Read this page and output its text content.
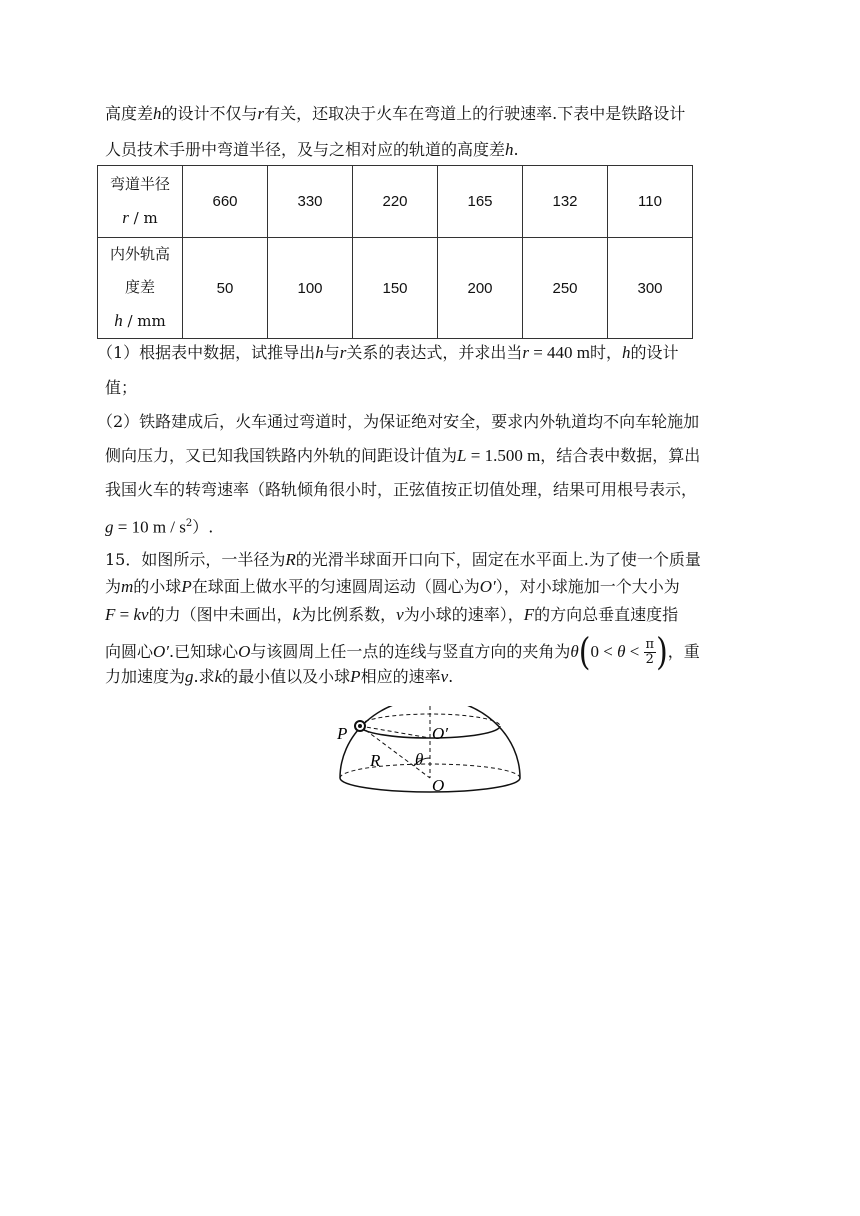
高度差h的设计不仅与r有关，还取决于火车在弯道上的行驶速率.下表中是铁路设计
人员技术手册中弯道半径，及与之相对应的轨道的高度差h.
弯道半径
r / m	660	330	220	165	132	110

内外轨高
度差
h / mm	50	100	150	200	250	300
（1）根据表中数据，试推导出h与r关系的表达式，并求出当r = 440 m时，h的设计
值；
（2）铁路建成后，火车通过弯道时，为保证绝对安全，要求内外轨道均不向车轮施加
侧向压力，又已知我国铁路内外轨的间距设计值为L = 1.500 m，结合表中数据，算出
我国火车的转弯速率（路轨倾角很小时，正弦值按正切值处理，结果可用根号表示，
g = 10 m / $s^2$）.
15．如图所示，一半径为R的光滑半球面开口向下，固定在水平面上.为了使一个质量
为m的小球P在球面上做水平的匀速圆周运动（圆心为O′），对小球施加一个大小为
F = kv的力（图中未画出，k为比例系数，v为小球的速率），F的方向总垂直速度指
向圆心O′.已知球心O与该圆周上任一点的连线与竖直方向的夹角为$\theta(0 < \theta < \frac{\pi}{2}$ )，重
力加速度为g.求k的最小值以及小球P相应的速率v.
P	O′
R θ
O
